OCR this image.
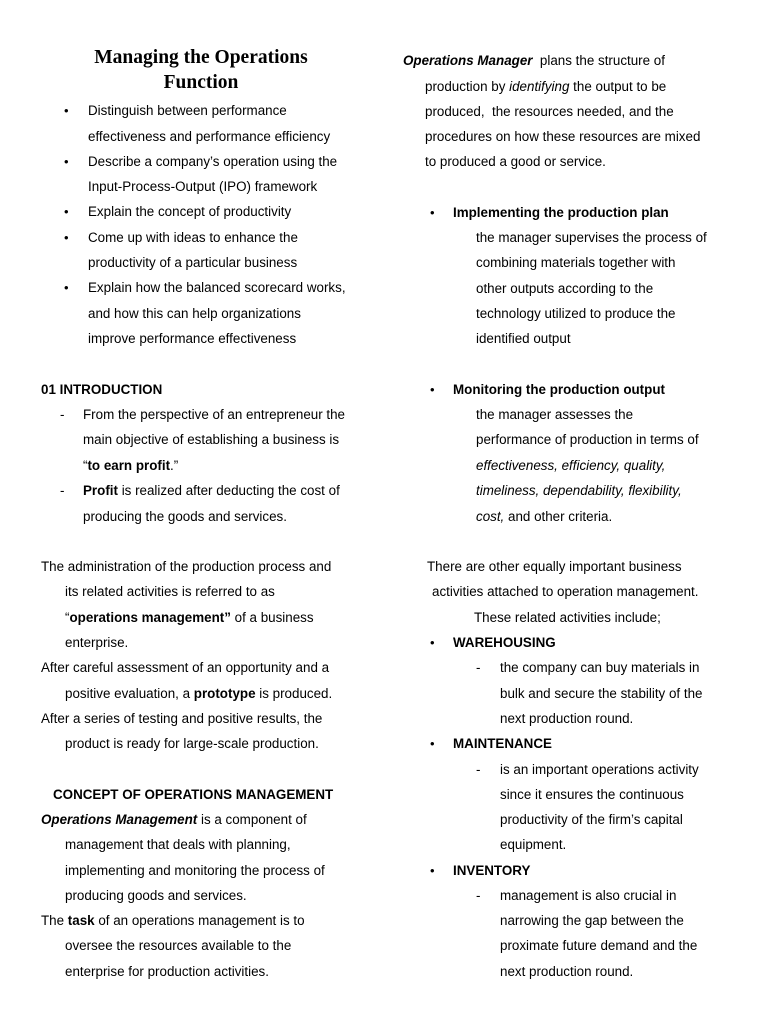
Managing the Operations
Function
• Distinguish between performance
effectiveness and performance efficiency
• Describe a company’s operation using the
Input-Process-Output (IPO) framework
• Explain the concept of productivity
• Come up with ideas to enhance the
productivity of a particular business
• Explain how the balanced scorecard works,
and how this can help organizations
improve performance effectiveness
01 INTRODUCTION
- From the perspective of an entrepreneur the
main objective of establishing a business is
“to earn profit.”
- Profit is realized after deducting the cost of
producing the goods and services.
The administration of the production process and
its related activities is referred to as
“operations management” of a business
enterprise.
After careful assessment of an opportunity and a
positive evaluation, a prototype is produced.
After a series of testing and positive results, the
product is ready for large-scale production.
CONCEPT OF OPERATIONS MANAGEMENT
Operations Management is a component of
management that deals with planning,
implementing and monitoring the process of
producing goods and services.
The task of an operations management is to
oversee the resources available to the
enterprise for production activities.
Operations Manager  plans the structure of
production by identifying the output to be
produced,  the resources needed, and the
procedures on how these resources are mixed
to produced a good or service.
• Implementing the production plan
the manager supervises the process of
combining materials together with
other outputs according to the
technology utilized to produce the
identified output
• Monitoring the production output
the manager assesses the
performance of production in terms of
effectiveness, efficiency, quality,
timeliness, dependability, flexibility,
cost, and other criteria.
There are other equally important business
activities attached to operation management.
These related activities include;
• WAREHOUSING
- the company can buy materials in
bulk and secure the stability of the
next production round.
• MAINTENANCE
- is an important operations activity
since it ensures the continuous
productivity of the firm’s capital
equipment.
• INVENTORY
- management is also crucial in
narrowing the gap between the
proximate future demand and the
next production round.
